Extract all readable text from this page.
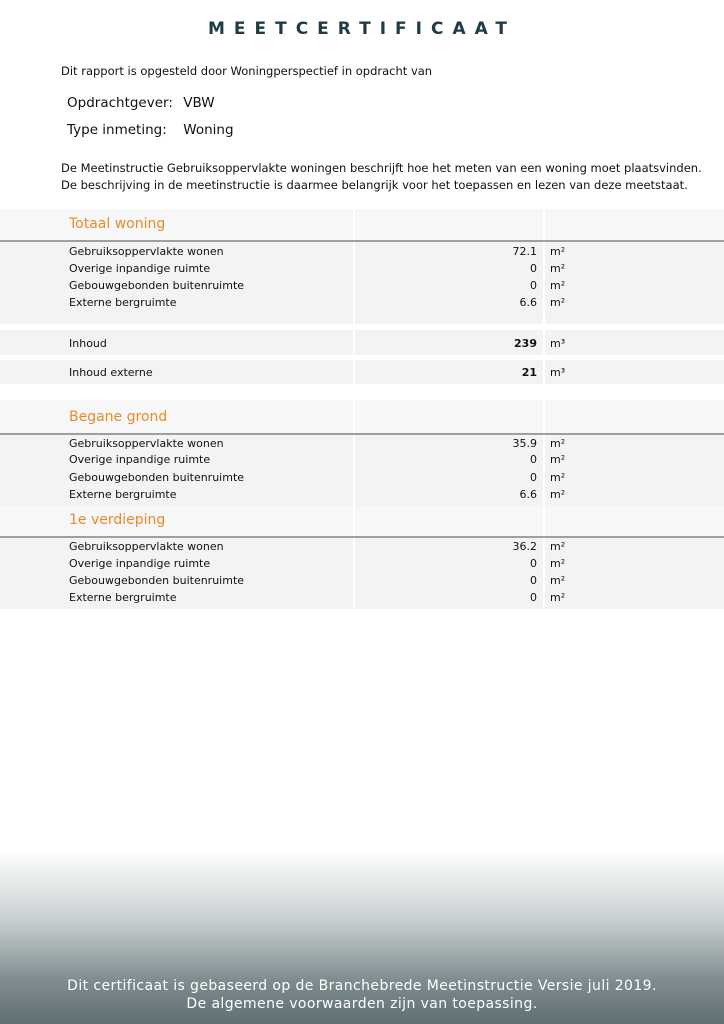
MEETCERTIFICAAT
Dit rapport is opgesteld door Woningperspectief in opdracht van
Opdrachtgever: VBW
Type inmeting: Woning
De Meetinstructie Gebruiksoppervlakte woningen beschrijft hoe het meten van een woning moet plaatsvinden.
De beschrijving in de meetinstructie is daarmee belangrijk voor het toepassen en lezen van deze meetstaat.
Totaal woning
Gebruiksoppervlakte wonen	72.1 m²
Overige inpandige ruimte	0 m²
Gebouwgebonden buitenruimte	0 m²
Externe bergruimte	6.6 m²
Inhoud	239 m³
Inhoud externe	21 m³
Begane grond
Gebruiksoppervlakte wonen	35.9 m²
Overige inpandige ruimte	0 m²
Gebouwgebonden buitenruimte	0 m²
Externe bergruimte	6.6 m²
1e verdieping
Gebruiksoppervlakte wonen	36.2 m²
Overige inpandige ruimte	0 m²
Gebouwgebonden buitenruimte	0 m²
Externe bergruimte	0 m²
Dit certificaat is gebaseerd op de Branchebrede Meetinstructie Versie juli 2019.
De algemene voorwaarden zijn van toepassing.
